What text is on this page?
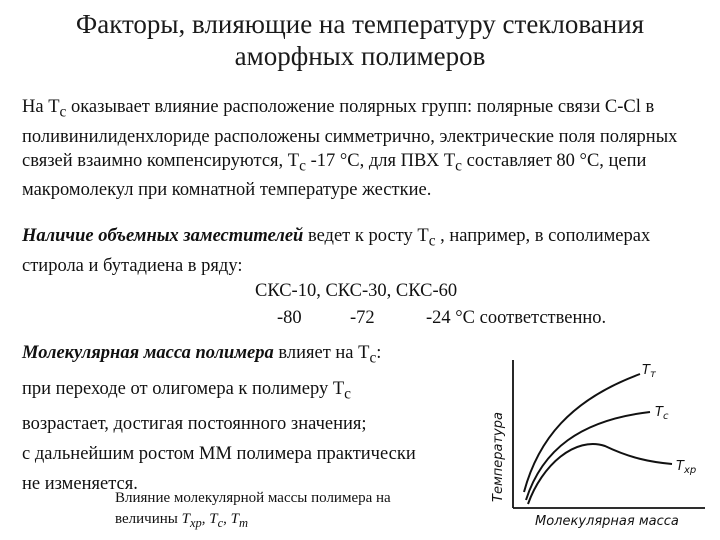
Факторы, влияющие на температуру стеклования
аморфных полимеров

На $T_c$ оказывает влияние расположение полярных групп: полярные связи C-Cl в поливинилиденхлориде расположены симметрично, электрические поля полярных связей взаимно компенсируются, $T_c$ -17 °С, для ПВХ $T_c$ составляет 80 °С, цепи макромолекул при комнатной температуре жесткие.

Наличие объемных заместителей ведет к росту $T_c$ , например, в сополимерах стирола и бутадиена в ряду:

СКС-10, СКС-30, СКС-60
-80	-72	-24 °С соответственно.
Молекулярная масса полимера влияет на $T_c$:
при переходе от олигомера к полимеру $T_c$
возрастает, достигая постоянного значения;
с дальнейшим ростом ММ полимера практически
не изменяется.
Влияние молекулярной массы полимера на
величины $T_{хр}$, $T_с$, $T_т$
Температура
Молекулярная масса
$T_т$
$T_c$
$T_{хр}$
